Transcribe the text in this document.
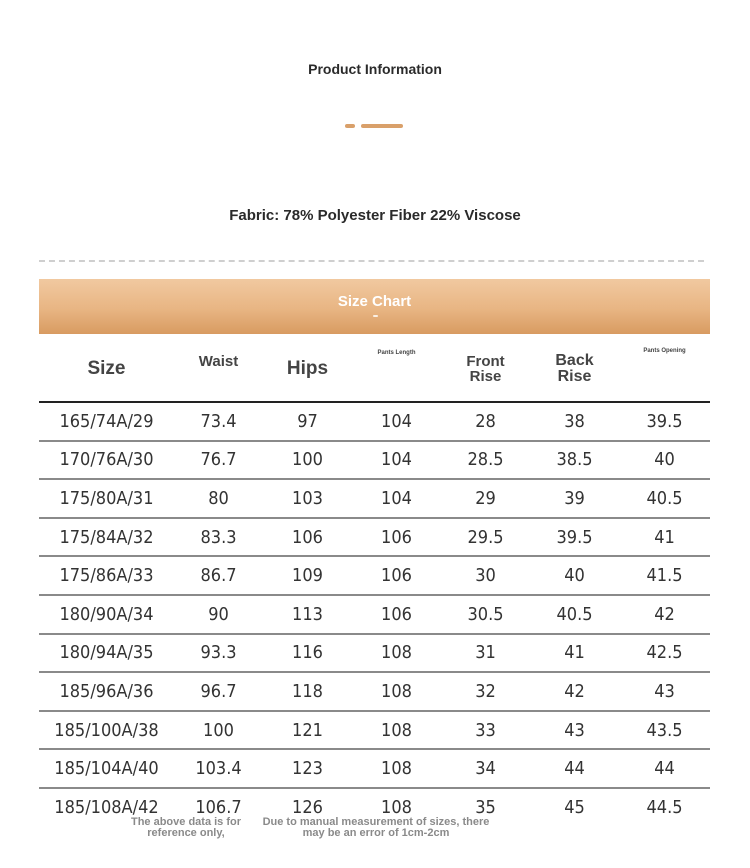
Product Information
Fabric: 78% Polyester Fiber 22% Viscose
Size Chart
Size	Waist	Hips	Pants Length	Front Rise	Back Rise	Pants Opening
165/74A/29	73.4	97	104	28	38	39.5
170/76A/30	76.7	100	104	28.5	38.5	40
175/80A/31	80	103	104	29	39	40.5
175/84A/32	83.3	106	106	29.5	39.5	41
175/86A/33	86.7	109	106	30	40	41.5
180/90A/34	90	113	106	30.5	40.5	42
180/94A/35	93.3	116	108	31	41	42.5
185/96A/36	96.7	118	108	32	42	43
185/100A/38	100	121	108	33	43	43.5
185/104A/40	103.4	123	108	34	44	44
185/108A/42	106.7	126	108	35	45	44.5
The above data is for reference only,
Due to manual measurement of sizes, there may be an error of 1cm-2cm
